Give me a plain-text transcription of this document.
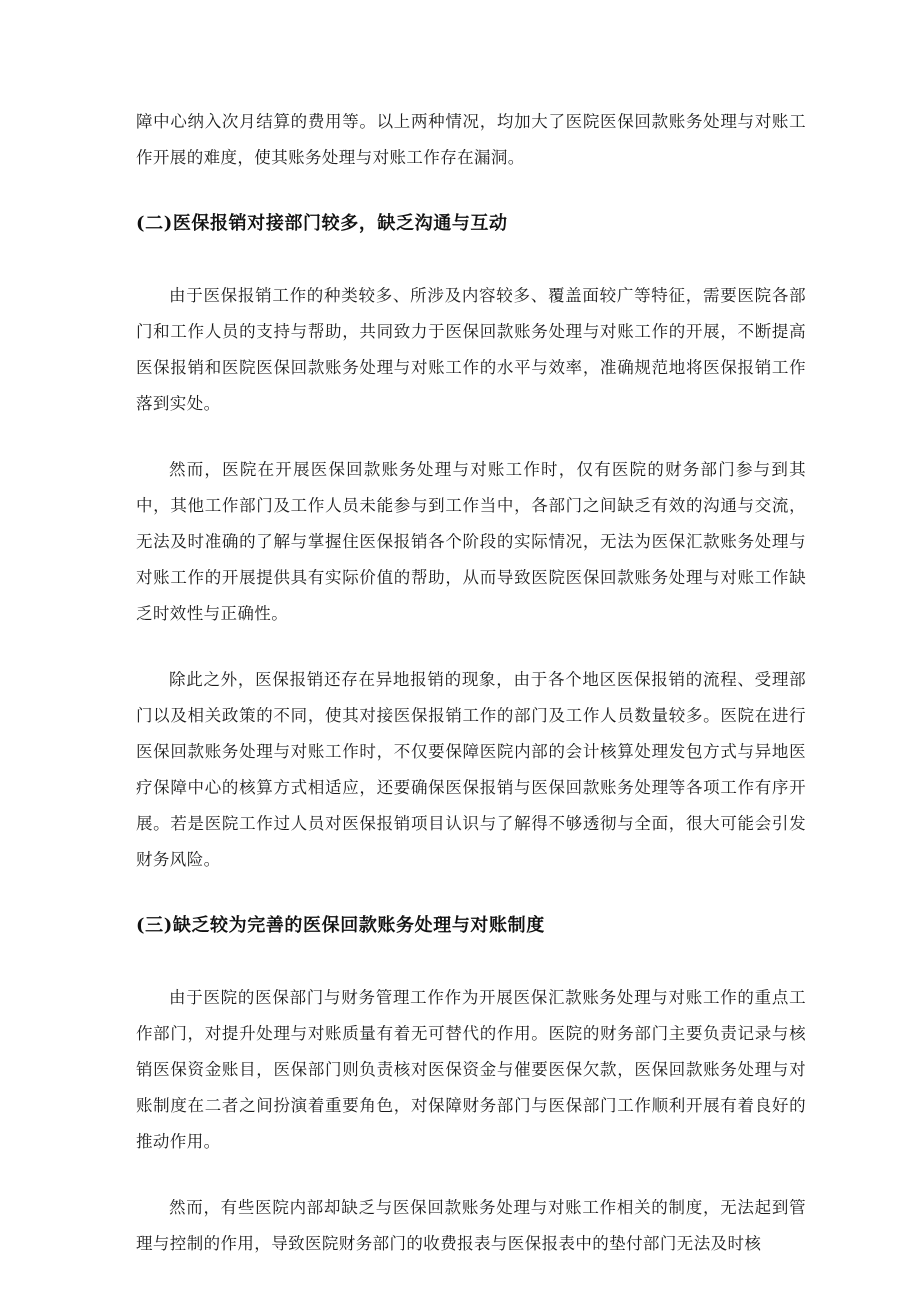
障中心纳入次月结算的费用等。以上两种情况，均加大了医院医保回款账务处理与对账工作开展的难度，使其账务处理与对账工作存在漏洞。

(二)医保报销对接部门较多，缺乏沟通与互动

由于医保报销工作的种类较多、所涉及内容较多、覆盖面较广等特征，需要医院各部门和工作人员的支持与帮助，共同致力于医保回款账务处理与对账工作的开展，不断提高医保报销和医院医保回款账务处理与对账工作的水平与效率，准确规范地将医保报销工作落到实处。

然而，医院在开展医保回款账务处理与对账工作时，仅有医院的财务部门参与到其中，其他工作部门及工作人员未能参与到工作当中，各部门之间缺乏有效的沟通与交流，无法及时准确的了解与掌握住医保报销各个阶段的实际情况，无法为医保汇款账务处理与对账工作的开展提供具有实际价值的帮助，从而导致医院医保回款账务处理与对账工作缺乏时效性与正确性。

除此之外，医保报销还存在异地报销的现象，由于各个地区医保报销的流程、受理部门以及相关政策的不同，使其对接医保报销工作的部门及工作人员数量较多。医院在进行医保回款账务处理与对账工作时，不仅要保障医院内部的会计核算处理发包方式与异地医疗保障中心的核算方式相适应，还要确保医保报销与医保回款账务处理等各项工作有序开展。若是医院工作过人员对医保报销项目认识与了解得不够透彻与全面，很大可能会引发财务风险。

(三)缺乏较为完善的医保回款账务处理与对账制度

由于医院的医保部门与财务管理工作作为开展医保汇款账务处理与对账工作的重点工作部门，对提升处理与对账质量有着无可替代的作用。医院的财务部门主要负责记录与核销医保资金账目，医保部门则负责核对医保资金与催要医保欠款，医保回款账务处理与对账制度在二者之间扮演着重要角色，对保障财务部门与医保部门工作顺利开展有着良好的推动作用。

然而，有些医院内部却缺乏与医保回款账务处理与对账工作相关的制度，无法起到管理与控制的作用，导致医院财务部门的收费报表与医保报表中的垫付部门无法及时核
